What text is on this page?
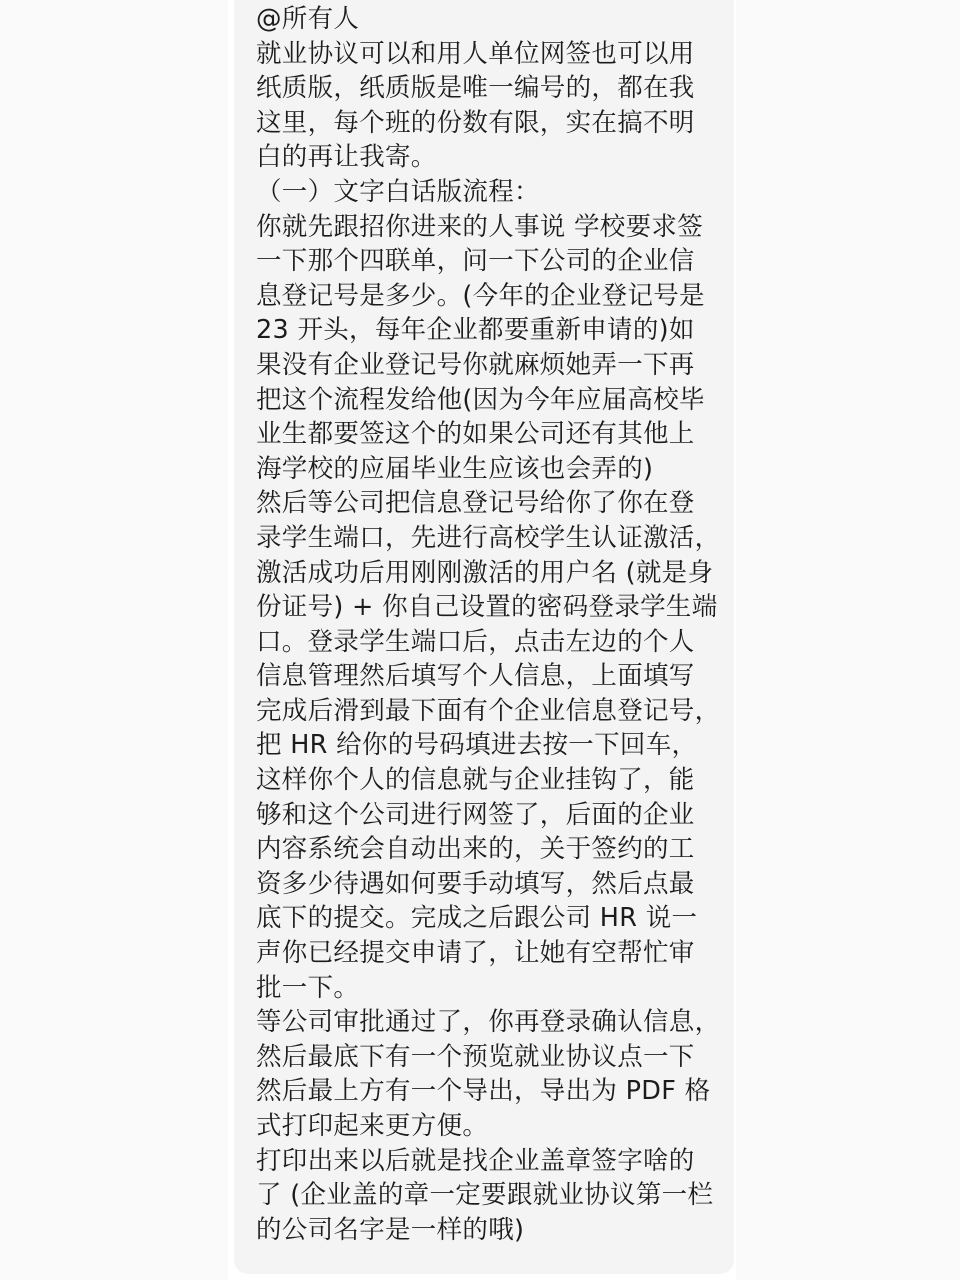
@所有人
就业协议可以和用人单位网签也可以用
纸质版，纸质版是唯一编号的，都在我
这里，每个班的份数有限，实在搞不明
白的再让我寄。
（一）文字白话版流程：
你就先跟招你进来的人事说 学校要求签
一下那个四联单，问一下公司的企业信
息登记号是多少。(今年的企业登记号是
23 开头，每年企业都要重新申请的)如
果没有企业登记号你就麻烦她弄一下再
把这个流程发给他(因为今年应届高校毕
业生都要签这个的如果公司还有其他上
海学校的应届毕业生应该也会弄的)
然后等公司把信息登记号给你了你在登
录学生端口，先进行高校学生认证激活，
激活成功后用刚刚激活的用户名 (就是身
份证号) + 你自己设置的密码登录学生端
口。登录学生端口后，点击左边的个人
信息管理然后填写个人信息，上面填写
完成后滑到最下面有个企业信息登记号，
把 HR 给你的号码填进去按一下回车，
这样你个人的信息就与企业挂钩了，能
够和这个公司进行网签了，后面的企业
内容系统会自动出来的，关于签约的工
资多少待遇如何要手动填写，然后点最
底下的提交。完成之后跟公司 HR 说一
声你已经提交申请了，让她有空帮忙审
批一下。
等公司审批通过了，你再登录确认信息，
然后最底下有一个预览就业协议点一下
然后最上方有一个导出，导出为 PDF 格
式打印起来更方便。
打印出来以后就是找企业盖章签字啥的
了 (企业盖的章一定要跟就业协议第一栏
的公司名字是一样的哦)
